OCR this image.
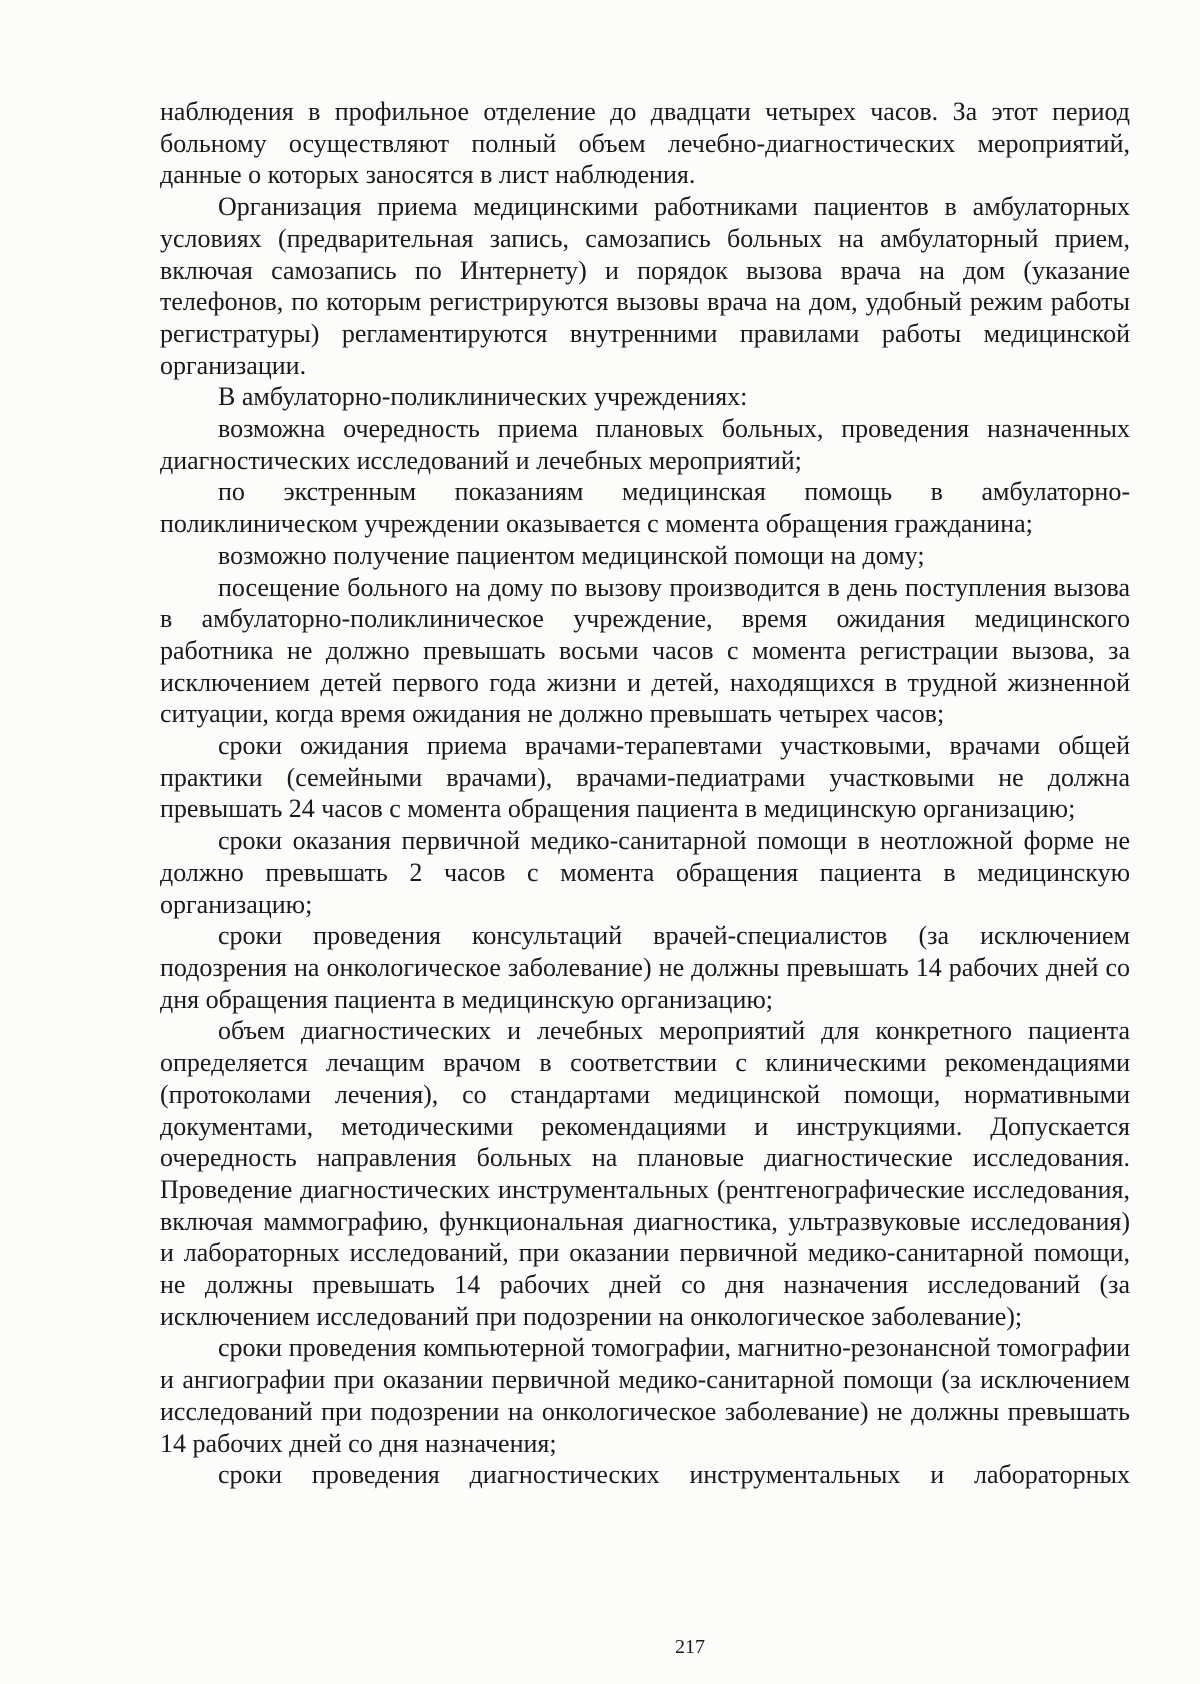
наблюдения в профильное отделение до двадцати четырех часов. За этот период больному осуществляют полный объем лечебно-диагностических мероприятий, данные о которых заносятся в лист наблюдения.

Организация приема медицинскими работниками пациентов в амбулаторных условиях (предварительная запись, самозапись больных на амбулаторный прием, включая самозапись по Интернету) и порядок вызова врача на дом (указание телефонов, по которым регистрируются вызовы врача на дом, удобный режим работы регистратуры) регламентируются внутренними правилами работы медицинской организации.

В амбулаторно-поликлинических учреждениях:

возможна очередность приема плановых больных, проведения назначенных диагностических исследований и лечебных мероприятий;

по экстренным показаниям медицинская помощь в амбулаторно-поликлиническом учреждении оказывается с момента обращения гражданина;

возможно получение пациентом медицинской помощи на дому;

посещение больного на дому по вызову производится в день поступления вызова в амбулаторно-поликлиническое учреждение, время ожидания медицинского работника не должно превышать восьми часов с момента регистрации вызова, за исключением детей первого года жизни и детей, находящихся в трудной жизненной ситуации, когда время ожидания не должно превышать четырех часов;

сроки ожидания приема врачами-терапевтами участковыми, врачами общей практики (семейными врачами), врачами-педиатрами участковыми не должна превышать 24 часов с момента обращения пациента в медицинскую организацию;

сроки оказания первичной медико-санитарной помощи в неотложной форме не должно превышать 2 часов с момента обращения пациента в медицинскую организацию;

сроки проведения консультаций врачей-специалистов (за исключением подозрения на онкологическое заболевание) не должны превышать 14 рабочих дней со дня обращения пациента в медицинскую организацию;

объем диагностических и лечебных мероприятий для конкретного пациента определяется лечащим врачом в соответствии с клиническими рекомендациями (протоколами лечения), со стандартами медицинской помощи, нормативными документами, методическими рекомендациями и инструкциями. Допускается очередность направления больных на плановые диагностические исследования. Проведение диагностических инструментальных (рентгенографические исследования, включая маммографию, функциональная диагностика, ультразвуковые исследования) и лабораторных исследований, при оказании первичной медико-санитарной помощи, не должны превышать 14 рабочих дней со дня назначения исследований (за исключением исследований при подозрении на онкологическое заболевание);

сроки проведения компьютерной томографии, магнитно-резонансной томографии и ангиографии при оказании первичной медико-санитарной помощи (за исключением исследований при подозрении на онкологическое заболевание) не должны превышать 14 рабочих дней со дня назначения;

сроки проведения диагностических инструментальных и лабораторных

217
